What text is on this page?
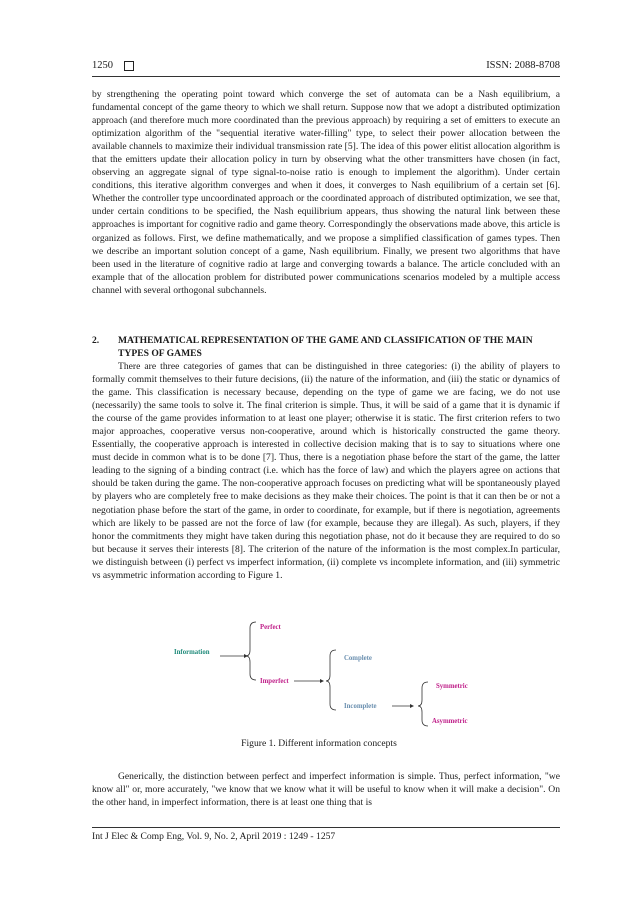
1250	ISSN: 2088-8708

by strengthening the operating point toward which converge the set of automata can be a Nash equilibrium, a fundamental concept of the game theory to which we shall return. Suppose now that we adopt a distributed optimization approach (and therefore much more coordinated than the previous approach) by requiring a set of emitters to execute an optimization algorithm of the "sequential iterative water-filling" type, to select their power allocation between the available channels to maximize their individual transmission rate [5]. The idea of this power elitist allocation algorithm is that the emitters update their allocation policy in turn by observing what the other transmitters have chosen (in fact, observing an aggregate signal of type signal-to-noise ratio is enough to implement the algorithm). Under certain conditions, this iterative algorithm converges and when it does, it converges to Nash equilibrium of a certain set [6]. Whether the controller type uncoordinated approach or the coordinated approach of distributed optimization, we see that, under certain conditions to be specified, the Nash equilibrium appears, thus showing the natural link between these approaches is important for cognitive radio and game theory. Correspondingly the observations made above, this article is organized as follows. First, we define mathematically, and we propose a simplified classification of games types. Then we describe an important solution concept of a game, Nash equilibrium. Finally, we present two algorithms that have been used in the literature of cognitive radio at large and converging towards a balance. The article concluded with an example that of the allocation problem for distributed power communications scenarios modeled by a multiple access channel with several orthogonal subchannels.

2. MATHEMATICAL REPRESENTATION OF THE GAME AND CLASSIFICATION OF THE MAIN TYPES OF GAMES

There are three categories of games that can be distinguished in three categories: (i) the ability of players to formally commit themselves to their future decisions, (ii) the nature of the information, and (iii) the static or dynamics of the game. This classification is necessary because, depending on the type of game we are facing, we do not use (necessarily) the same tools to solve it. The final criterion is simple. Thus, it will be said of a game that it is dynamic if the course of the game provides information to at least one player; otherwise it is static. The first criterion refers to two major approaches, cooperative versus non-cooperative, around which is historically constructed the game theory. Essentially, the cooperative approach is interested in collective decision making that is to say to situations where one must decide in common what is to be done [7]. Thus, there is a negotiation phase before the start of the game, the latter leading to the signing of a binding contract (i.e. which has the force of law) and which the players agree on actions that should be taken during the game. The non-cooperative approach focuses on predicting what will be spontaneously played by players who are completely free to make decisions as they make their choices. The point is that it can then be or not a negotiation phase before the start of the game, in order to coordinate, for example, but if there is negotiation, agreements which are likely to be passed are not the force of law (for example, because they are illegal). As such, players, if they honor the commitments they might have taken during this negotiation phase, not do it because they are required to do so but because it serves their interests [8]. The criterion of the nature of the information is the most complex.In particular, we distinguish between (i) perfect vs imperfect information, (ii) complete vs incomplete information, and (iii) symmetric vs asymmetric information according to Figure 1.

Information
Perfect
Imperfect
Complete
Incomplete
Symmetric
Asymmetric
Figure 1. Different information concepts

Generically, the distinction between perfect and imperfect information is simple. Thus, perfect information, "we know all" or, more accurately, "we know that we know what it will be useful to know when it will make a decision". On the other hand, in imperfect information, there is at least one thing that is

Int J Elec & Comp Eng, Vol. 9, No. 2, April 2019 : 1249 - 1257
